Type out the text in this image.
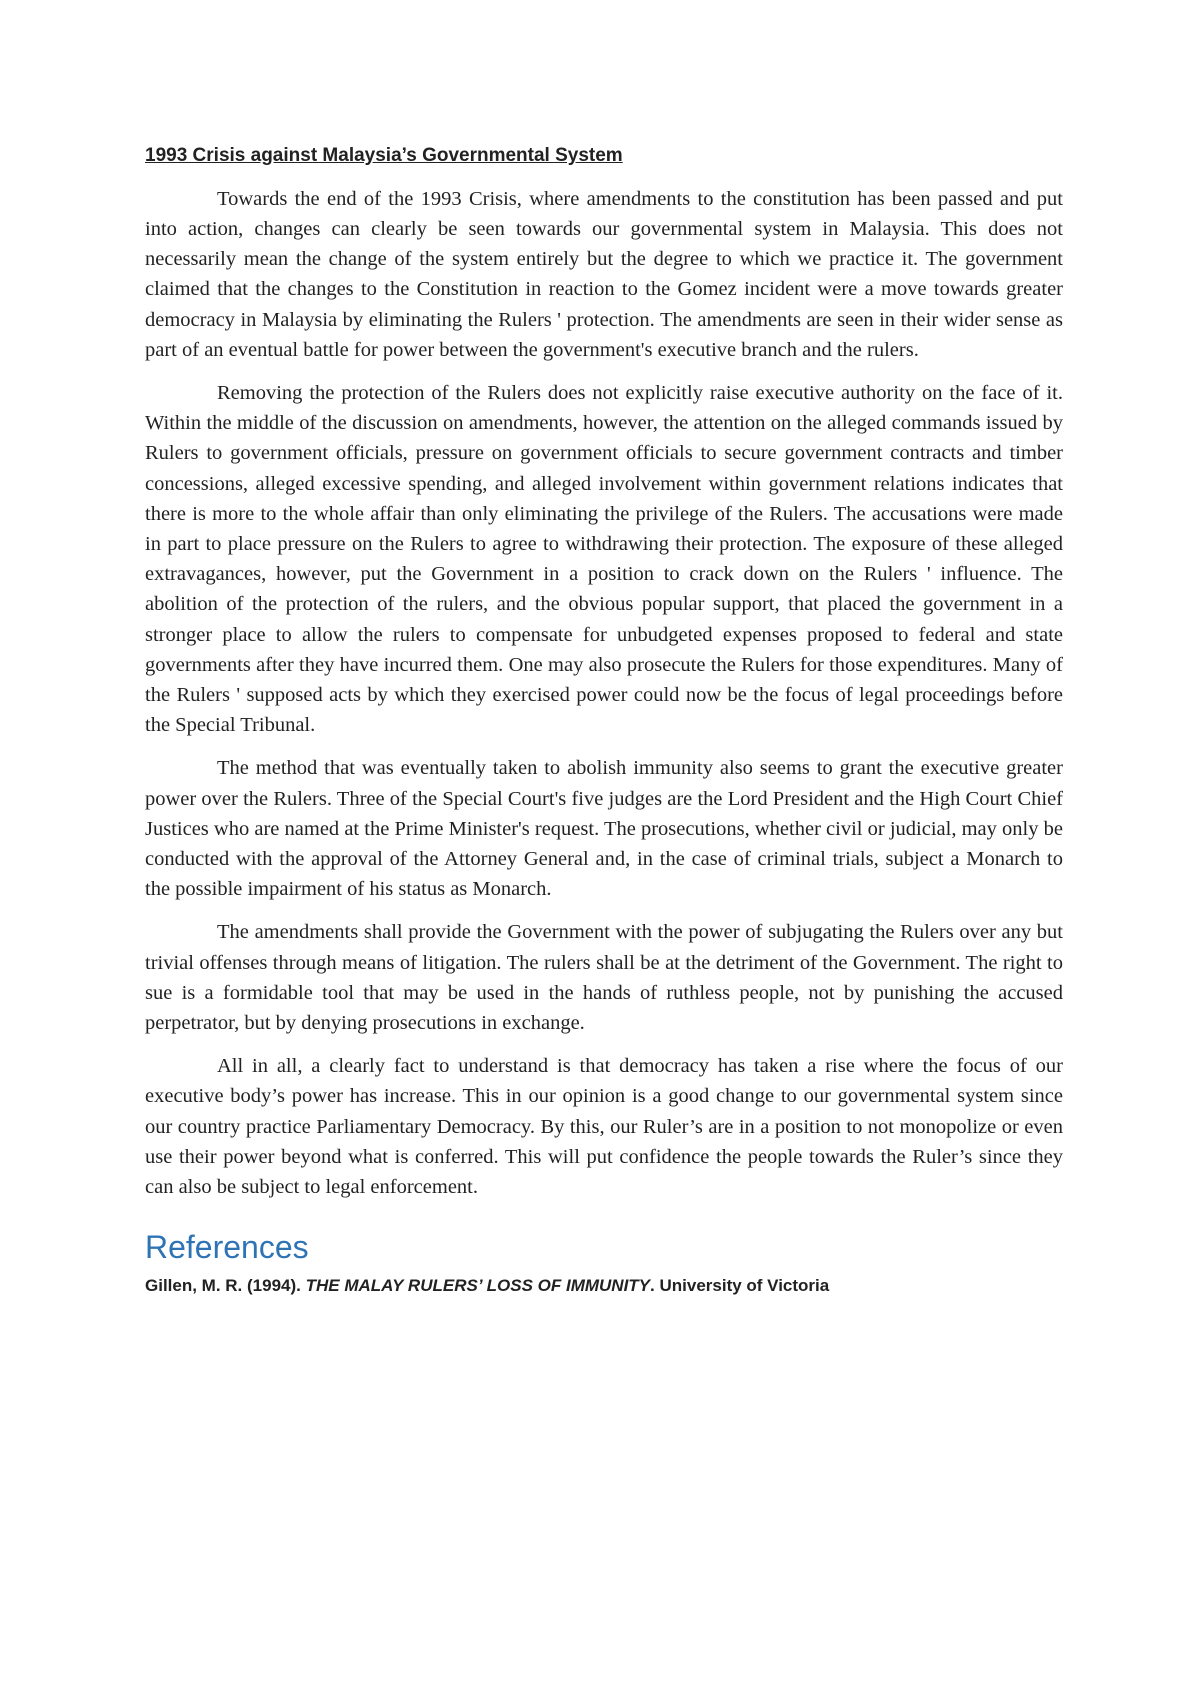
1993 Crisis against Malaysia’s Governmental System

Towards the end of the 1993 Crisis, where amendments to the constitution has been passed and put into action, changes can clearly be seen towards our governmental system in Malaysia. This does not necessarily mean the change of the system entirely but the degree to which we practice it. The government claimed that the changes to the Constitution in reaction to the Gomez incident were a move towards greater democracy in Malaysia by eliminating the Rulers ' protection. The amendments are seen in their wider sense as part of an eventual battle for power between the government's executive branch and the rulers.

Removing the protection of the Rulers does not explicitly raise executive authority on the face of it. Within the middle of the discussion on amendments, however, the attention on the alleged commands issued by Rulers to government officials, pressure on government officials to secure government contracts and timber concessions, alleged excessive spending, and alleged involvement within government relations indicates that there is more to the whole affair than only eliminating the privilege of the Rulers. The accusations were made in part to place pressure on the Rulers to agree to withdrawing their protection. The exposure of these alleged extravagances, however, put the Government in a position to crack down on the Rulers ' influence. The abolition of the protection of the rulers, and the obvious popular support, that placed the government in a stronger place to allow the rulers to compensate for unbudgeted expenses proposed to federal and state governments after they have incurred them. One may also prosecute the Rulers for those expenditures. Many of the Rulers ' supposed acts by which they exercised power could now be the focus of legal proceedings before the Special Tribunal.

The method that was eventually taken to abolish immunity also seems to grant the executive greater power over the Rulers. Three of the Special Court's five judges are the Lord President and the High Court Chief Justices who are named at the Prime Minister's request. The prosecutions, whether civil or judicial, may only be conducted with the approval of the Attorney General and, in the case of criminal trials, subject a Monarch to the possible impairment of his status as Monarch.

The amendments shall provide the Government with the power of subjugating the Rulers over any but trivial offenses through means of litigation. The rulers shall be at the detriment of the Government. The right to sue is a formidable tool that may be used in the hands of ruthless people, not by punishing the accused perpetrator, but by denying prosecutions in exchange.

All in all, a clearly fact to understand is that democracy has taken a rise where the focus of our executive body’s power has increase. This in our opinion is a good change to our governmental system since our country practice Parliamentary Democracy. By this, our Ruler’s are in a position to not monopolize or even use their power beyond what is conferred. This will put confidence the people towards the Ruler’s since they can also be subject to legal enforcement.

References

Gillen, M. R. (1994). THE MALAY RULERS’ LOSS OF IMMUNITY. University of Victoria
